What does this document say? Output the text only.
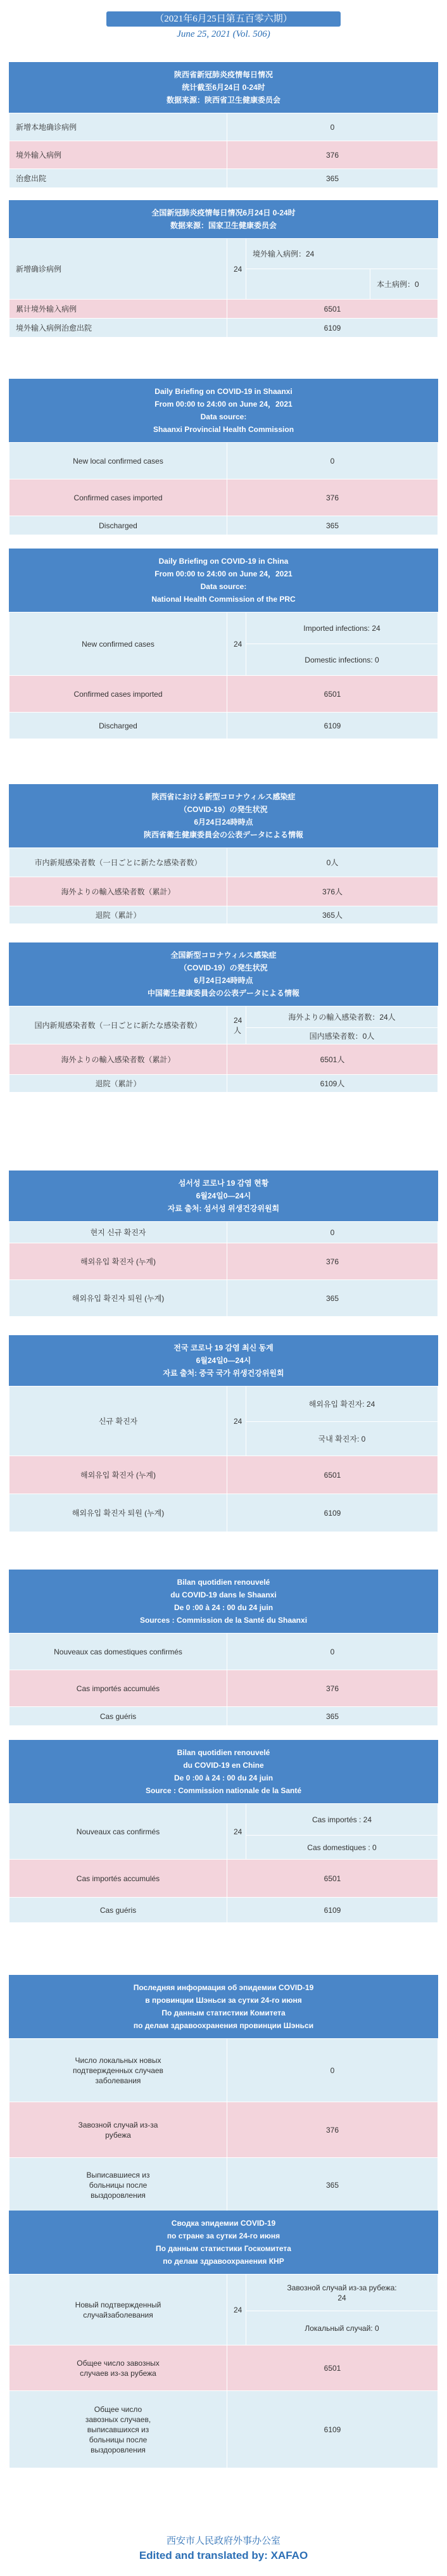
（2021年6月25日第五百零六期）
June 25, 2021 (Vol. 506)
陕西省新冠肺炎疫情每日情况
统计截至6月24日 0-24时
数据来源：陕西省卫生健康委员会
新增本地确诊病例	0
境外输入病例	376
治愈出院	365
全国新冠肺炎疫情每日情况6月24日 0-24时
数据来源：国家卫生健康委员会
新增确诊病例	24	境外输入病例：24	
			本土病例：0
累计境外输入病例	6501		
境外输入病例治愈出院	6109		
Daily Briefing on COVID-19 in Shaanxi
From 00:00 to 24:00 on June 24，2021
Data source:
Shaanxi Provincial Health Commission
New local confirmed cases	0
Confirmed cases imported	376
Discharged	365
Daily Briefing on COVID-19 in China
From 00:00 to 24:00 on June 24，2021
Data source:
National Health Commission of the PRC
New confirmed cases	24	Imported infections: 24
		Domestic infections: 0
Confirmed cases imported	6501	
Discharged	6109	
陕西省における新型コロナウィルス感染症
（COVID-19）の発生状況
6月24日24時時点
陕西省衛生健康委員会の公表データによる情報
市内新規感染者数（一日ごとに新たな感染者数）	0人
海外よりの輸入感染者数（累計）	376人
退院（累計）	365人
全国新型コロナウィルス感染症
（COVID-19）の発生状況
6月24日24時時点
中国衛生健康委員会の公表データによる情報
国内新規感染者数（一日ごとに新たな感染者数）	24人	海外よりの輸入感染者数：24人
		国内感染者数：0人
海外よりの輸入感染者数（累計）	6501人	
退院（累計）	6109人	
섬서성 코로나 19 감염 현황
6월24일0—24시
자료 출처: 섬서성 위생건강위원회
현지 신규 확진자	0
해외유입 확진자 (누계)	376
해외유입 확진자 퇴원 (누계)	365
전국 코로나 19 감염 최신 동계
6월24일0—24시
자료 출처: 중국 국가 위생건강위원회
신규 확진자	24	해외유입 확진자: 24
		국내 확진자: 0
해외유입 확진자 (누계)	6501	
해외유입 확진자 퇴원 (누계)	6109	
Bilan quotidien renouvelé
du COVID-19 dans le Shaanxi
De 0 :00 à 24 : 00 du 24 juin
Sources : Commission de la Santé du Shaanxi
Nouveaux cas domestiques confirmés	0
Cas importés accumulés	376
Cas guéris	365
Bilan quotidien renouvelé
du COVID-19 en Chine
De 0 :00 à 24 : 00 du 24 juin
Source : Commission nationale de la Santé
Nouveaux cas confirmés	24	Cas importés : 24
		Cas domestiques : 0
Cas importés accumulés	6501	
Cas guéris	6109	
Последняя информация об эпидемии COVID-19
в провинции Шэньси за сутки 24-го июня
По данным статистики Комитета
по делам здравоохранения провинции Шэньси
Число локальных новых подтвержденных случаев заболевания	0
Завозной случай из-за рубежа	376
Выписавшиеся из больницы после выздоровления	365
Сводка эпидемии COVID-19
по стране за сутки 24-го июня
По данным статистики Госкомитета
по делам здравоохранения КНР
Новый подтвержденный случайзаболевания	24	Завозной случай из-за рубежа: 24
		Локальный случай: 0
Общее число завозных случаев из-за рубежа	6501	
Общее число завозных случаев, выписавшихся из больницы после выздоровления	6109	
西安市人民政府外事办公室
Edited and translated by: XAFAO
